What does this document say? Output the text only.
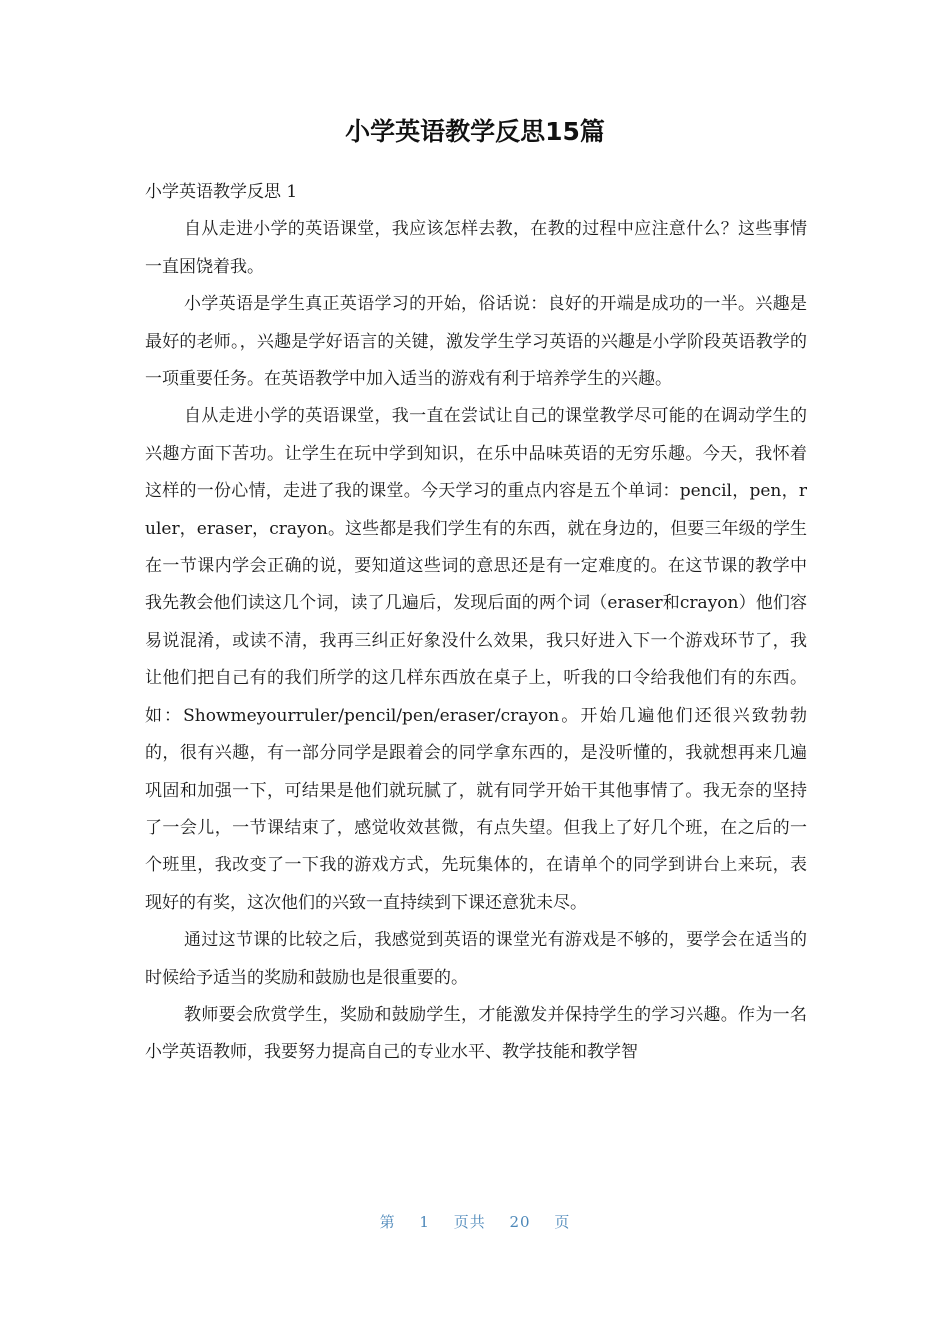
小学英语教学反思15篇

小学英语教学反思 1

自从走进小学的英语课堂，我应该怎样去教，在教的过程中应注意什么？这些事情一直困饶着我。

小学英语是学生真正英语学习的开始，俗话说：良好的开端是成功的一半。兴趣是最好的老师。，兴趣是学好语言的关键，激发学生学习英语的兴趣是小学阶段英语教学的一项重要任务。在英语教学中加入适当的游戏有利于培养学生的兴趣。

自从走进小学的英语课堂，我一直在尝试让自己的课堂教学尽可能的在调动学生的兴趣方面下苦功。让学生在玩中学到知识，在乐中品味英语的无穷乐趣。今天，我怀着这样的一份心情，走进了我的课堂。今天学习的重点内容是五个单词：pencil，pen，ruler，eraser，crayon。这些都是我们学生有的东西，就在身边的，但要三年级的学生在一节课内学会正确的说，要知道这些词的意思还是有一定难度的。在这节课的教学中我先教会他们读这几个词，读了几遍后，发现后面的两个词（eraser和crayon）他们容易说混淆，或读不清，我再三纠正好象没什么效果，我只好进入下一个游戏环节了，我让他们把自己有的我们所学的这几样东西放在桌子上，听我的口令给我他们有的东西。如：Showmeyourruler/pencil/pen/eraser/crayon。开始几遍他们还很兴致勃勃的，很有兴趣，有一部分同学是跟着会的同学拿东西的，是没听懂的，我就想再来几遍巩固和加强一下，可结果是他们就玩腻了，就有同学开始干其他事情了。我无奈的坚持了一会儿，一节课结束了，感觉收效甚微，有点失望。但我上了好几个班，在之后的一个班里，我改变了一下我的游戏方式，先玩集体的，在请单个的同学到讲台上来玩，表现好的有奖，这次他们的兴致一直持续到下课还意犹未尽。

通过这节课的比较之后，我感觉到英语的课堂光有游戏是不够的，要学会在适当的时候给予适当的奖励和鼓励也是很重要的。

教师要会欣赏学生，奖励和鼓励学生，才能激发并保持学生的学习兴趣。作为一名小学英语教师，我要努力提高自己的专业水平、教学技能和教学智

第 1 页共 20 页
